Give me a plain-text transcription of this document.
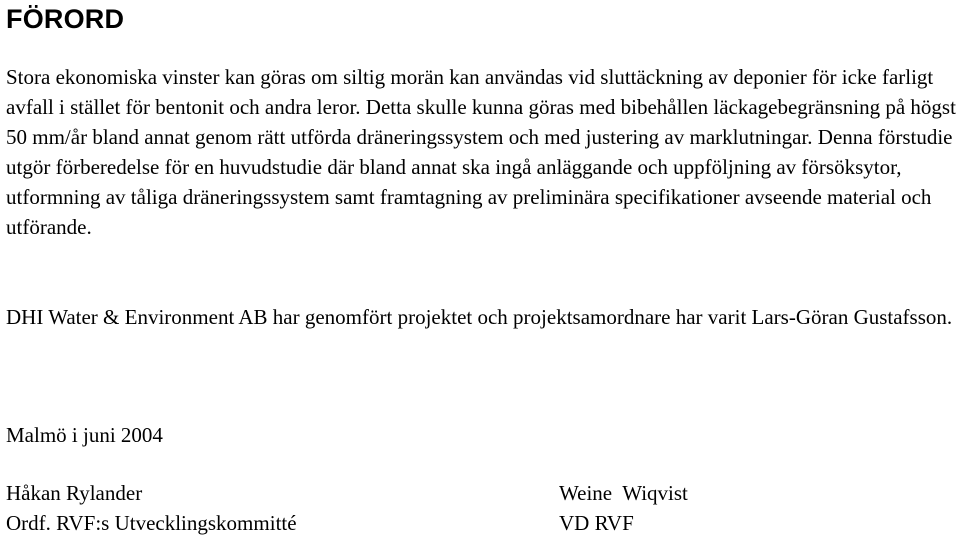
FÖRORD

Stora ekonomiska vinster kan göras om siltig morän kan användas vid sluttäckning av deponier för icke farligt avfall i stället för bentonit och andra leror. Detta skulle kunna göras med bibehållen läckagebegränsning på högst 50 mm/år bland annat genom rätt utförda dräneringssystem och med justering av marklutningar. Denna förstudie utgör förberedelse för en huvudstudie där bland annat ska ingå anläggande och uppföljning av försöksytor, utformning av tåliga dräneringssystem samt framtagning av preliminära specifikationer avseende material och utförande.

DHI Water & Environment AB har genomfört projektet och projektsamordnare har varit Lars-Göran Gustafsson.

Malmö i juni 2004

Håkan Rylander
Ordf. RVF:s Utvecklingskommitté
Weine  Wiqvist
VD RVF
